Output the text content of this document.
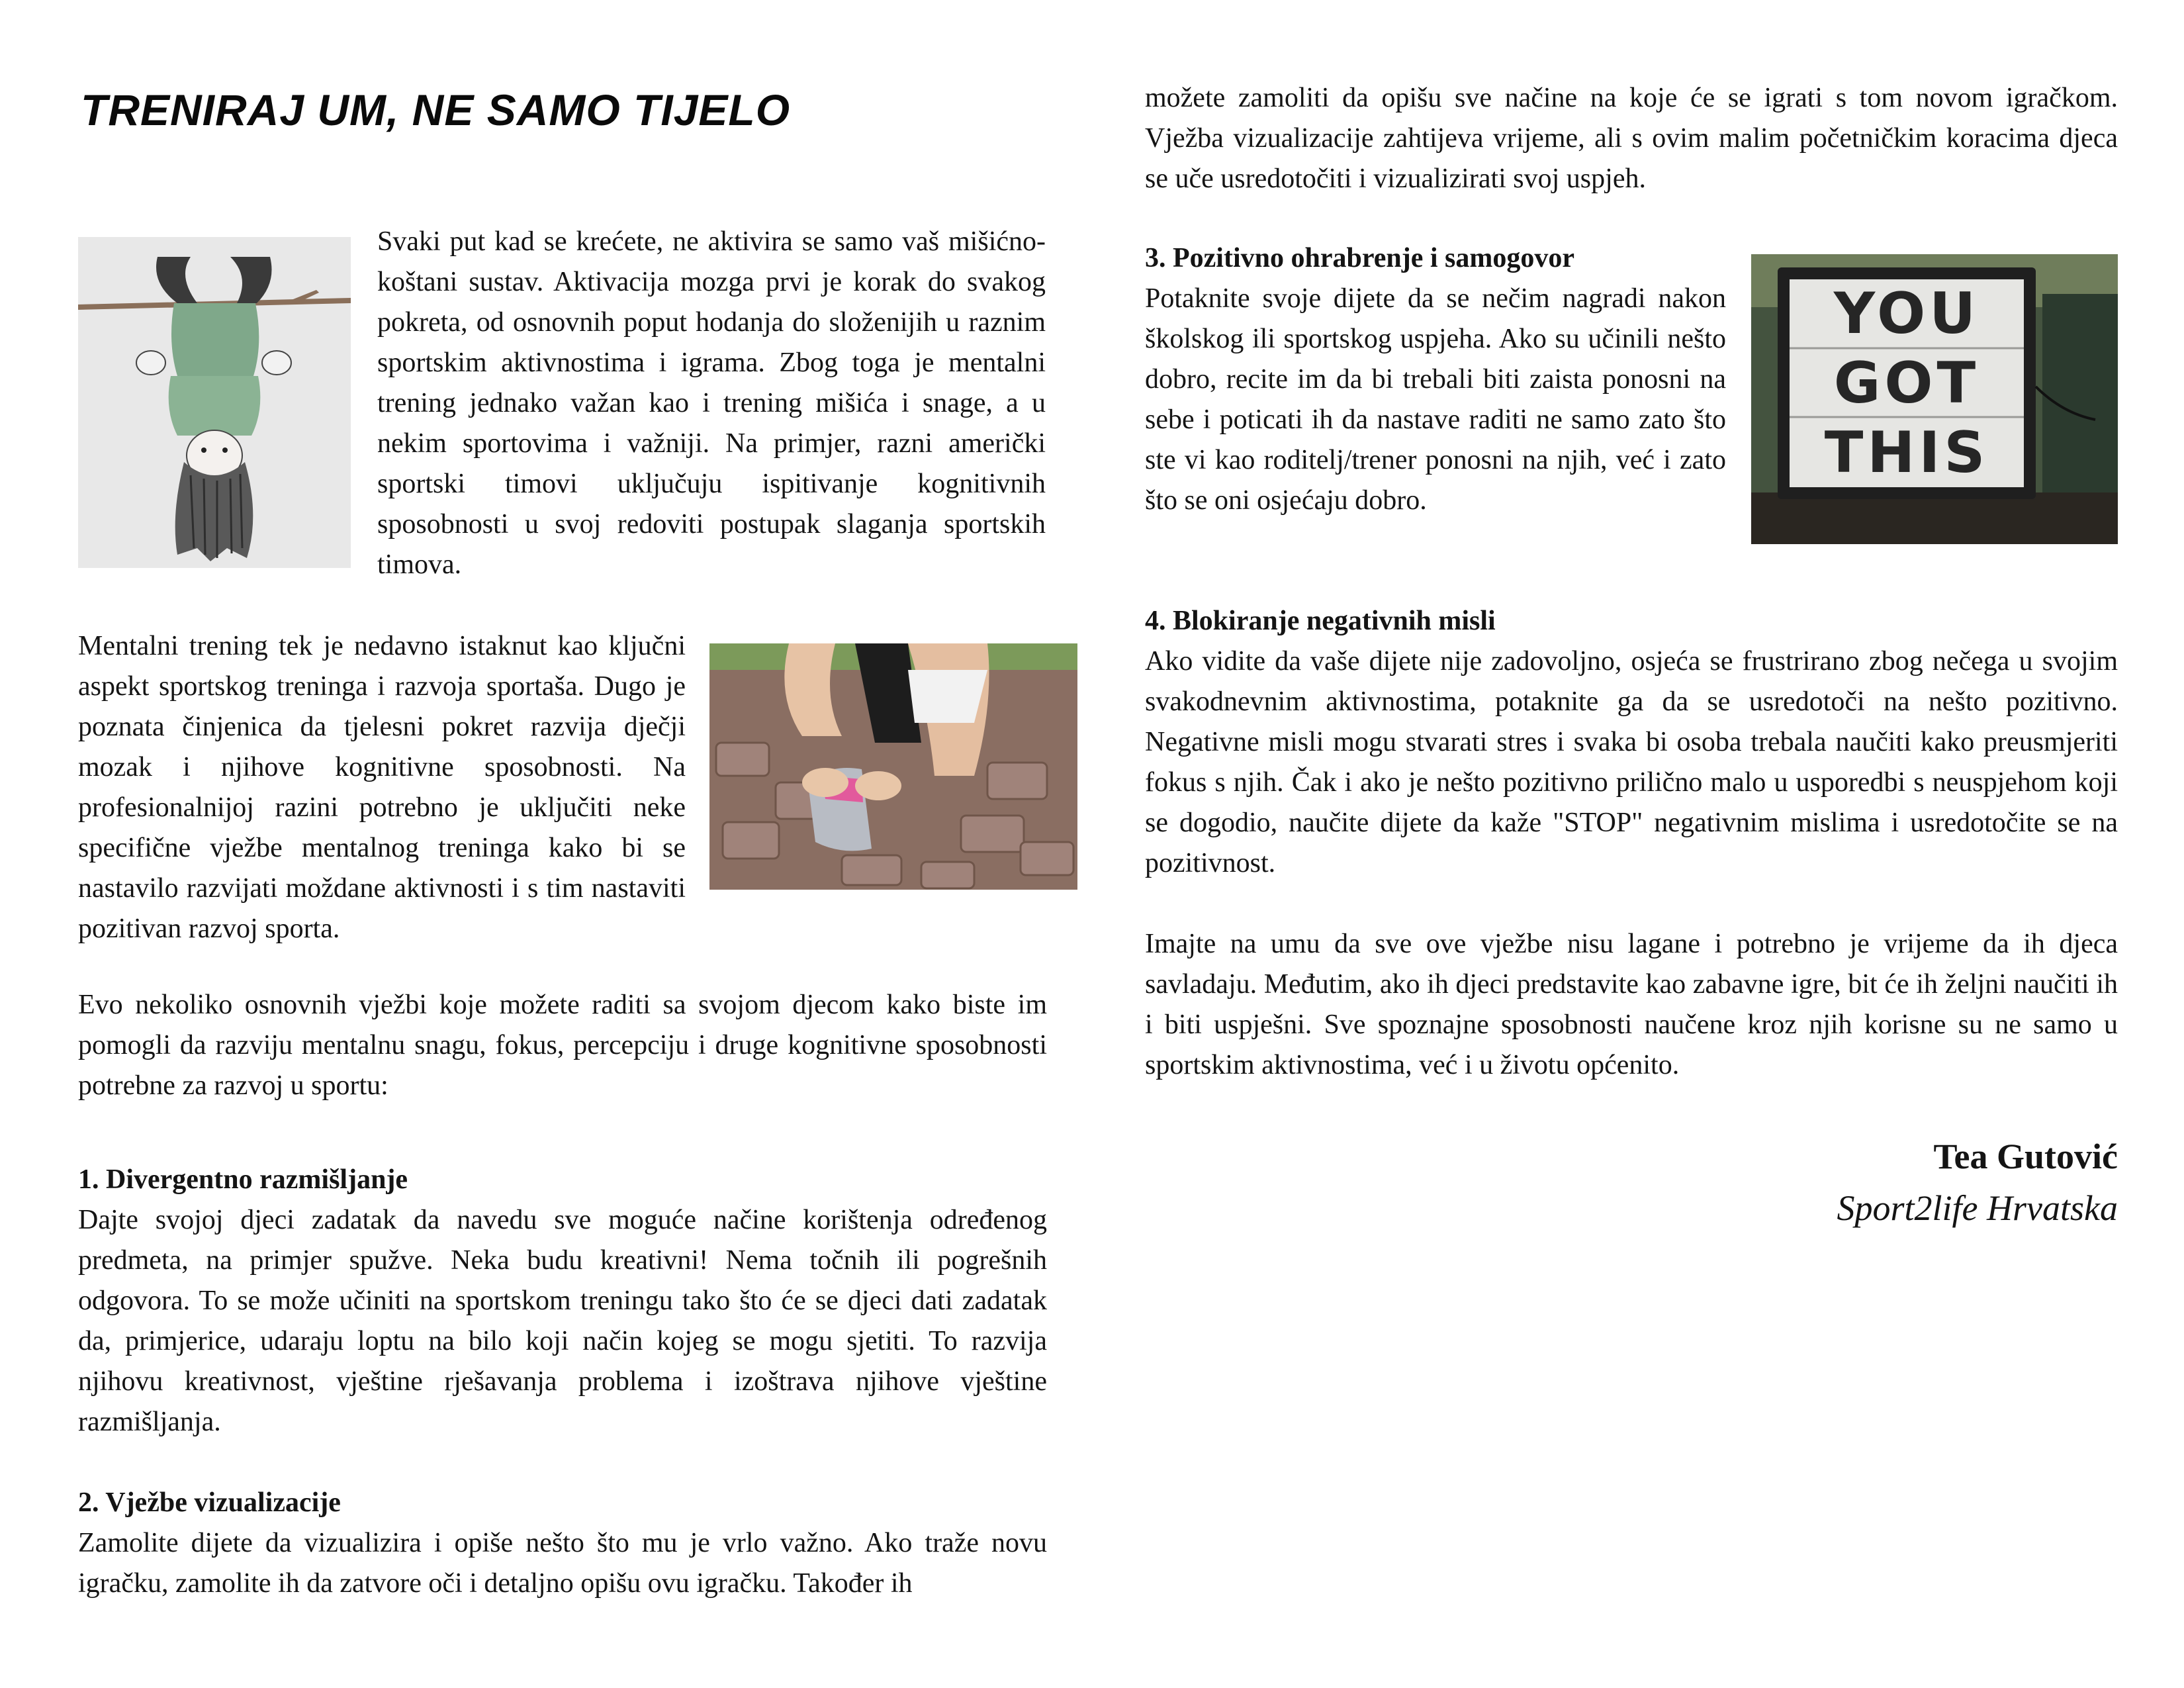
TRENIRAJ UM, NE SAMO TIJELO

Svaki put kad se krećete, ne aktivira se samo vaš mišićno-koštani sustav. Aktivacija mozga prvi je korak do svakog pokreta, od osnovnih poput hodanja do složenijih u raznim sportskim aktivnostima i igrama. Zbog toga je mentalni trening jednako važan kao i trening mišića i snage, a u nekim sportovima i važniji. Na primjer, razni američki sportski timovi uključuju ispitivanje kognitivnih sposobnosti u svoj redoviti postupak slaganja sportskih timova.

Mentalni trening tek je nedavno istaknut kao ključni aspekt sportskog treninga i razvoja sportaša. Dugo je poznata činjenica da tjelesni pokret razvija dječji mozak i njihove kognitivne sposobnosti. Na profesionalnijoj razini potrebno je uključiti neke specifične vježbe mentalnog treninga kako bi se nastavilo razvijati moždane aktivnosti i s tim nastaviti pozitivan razvoj sporta.

Evo nekoliko osnovnih vježbi koje možete raditi sa svojom djecom kako biste im pomogli da razviju mentalnu snagu, fokus, percepciju i druge kognitivne sposobnosti potrebne za razvoj u sportu:

1. Divergentno razmišljanje

Dajte svojoj djeci zadatak da navedu sve moguće načine korištenja određenog predmeta, na primjer spužve. Neka budu kreativni! Nema točnih ili pogrešnih odgovora. To se može učiniti na sportskom treningu tako što će se djeci dati zadatak da, primjerice, udaraju loptu na bilo koji način kojeg se mogu sjetiti. To razvija njihovu kreativnost, vještine rješavanja problema i izoštrava njihove vještine razmišljanja.

2. Vježbe vizualizacije

Zamolite dijete da vizualizira i opiše nešto što mu je vrlo važno. Ako traže novu igračku, zamolite ih da zatvore oči i detaljno opišu ovu igračku. Također ih

možete zamoliti da opišu sve načine na koje će se igrati s tom novom igračkom. Vježba vizualizacije zahtijeva vrijeme, ali s ovim malim početničkim koracima djeca se uče usredotočiti i vizualizirati svoj uspjeh.

3. Pozitivno ohrabrenje i samogovor

Potaknite svoje dijete da se nečim nagradi nakon školskog ili sportskog uspjeha. Ako su učinili nešto dobro, recite im da bi trebali biti zaista ponosni na sebe i poticati ih da nastave raditi ne samo zato što ste vi kao roditelj/trener ponosni na njih, već i zato što se oni osjećaju dobro.

YOU
GOT
THIS
4. Blokiranje negativnih misli

Ako vidite da vaše dijete nije zadovoljno, osjeća se frustrirano zbog nečega u svojim svakodnevnim aktivnostima, potaknite ga da se usredotoči na nešto pozitivno. Negativne misli mogu stvarati stres i svaka bi osoba trebala naučiti kako preusmjeriti fokus s njih. Čak i ako je nešto pozitivno prilično malo u usporedbi s neuspjehom koji se dogodio, naučite dijete da kaže "STOP" negativnim mislima i usredotočite se na pozitivnost.

Imajte na umu da sve ove vježbe nisu lagane i potrebno je vrijeme da ih djeca savladaju. Međutim, ako ih djeci predstavite kao zabavne igre, bit će ih željni naučiti ih i biti uspješni. Sve spoznajne sposobnosti naučene kroz njih korisne su ne samo u sportskim aktivnostima, već i u životu općenito.

Tea Gutović

Sport2life Hrvatska
